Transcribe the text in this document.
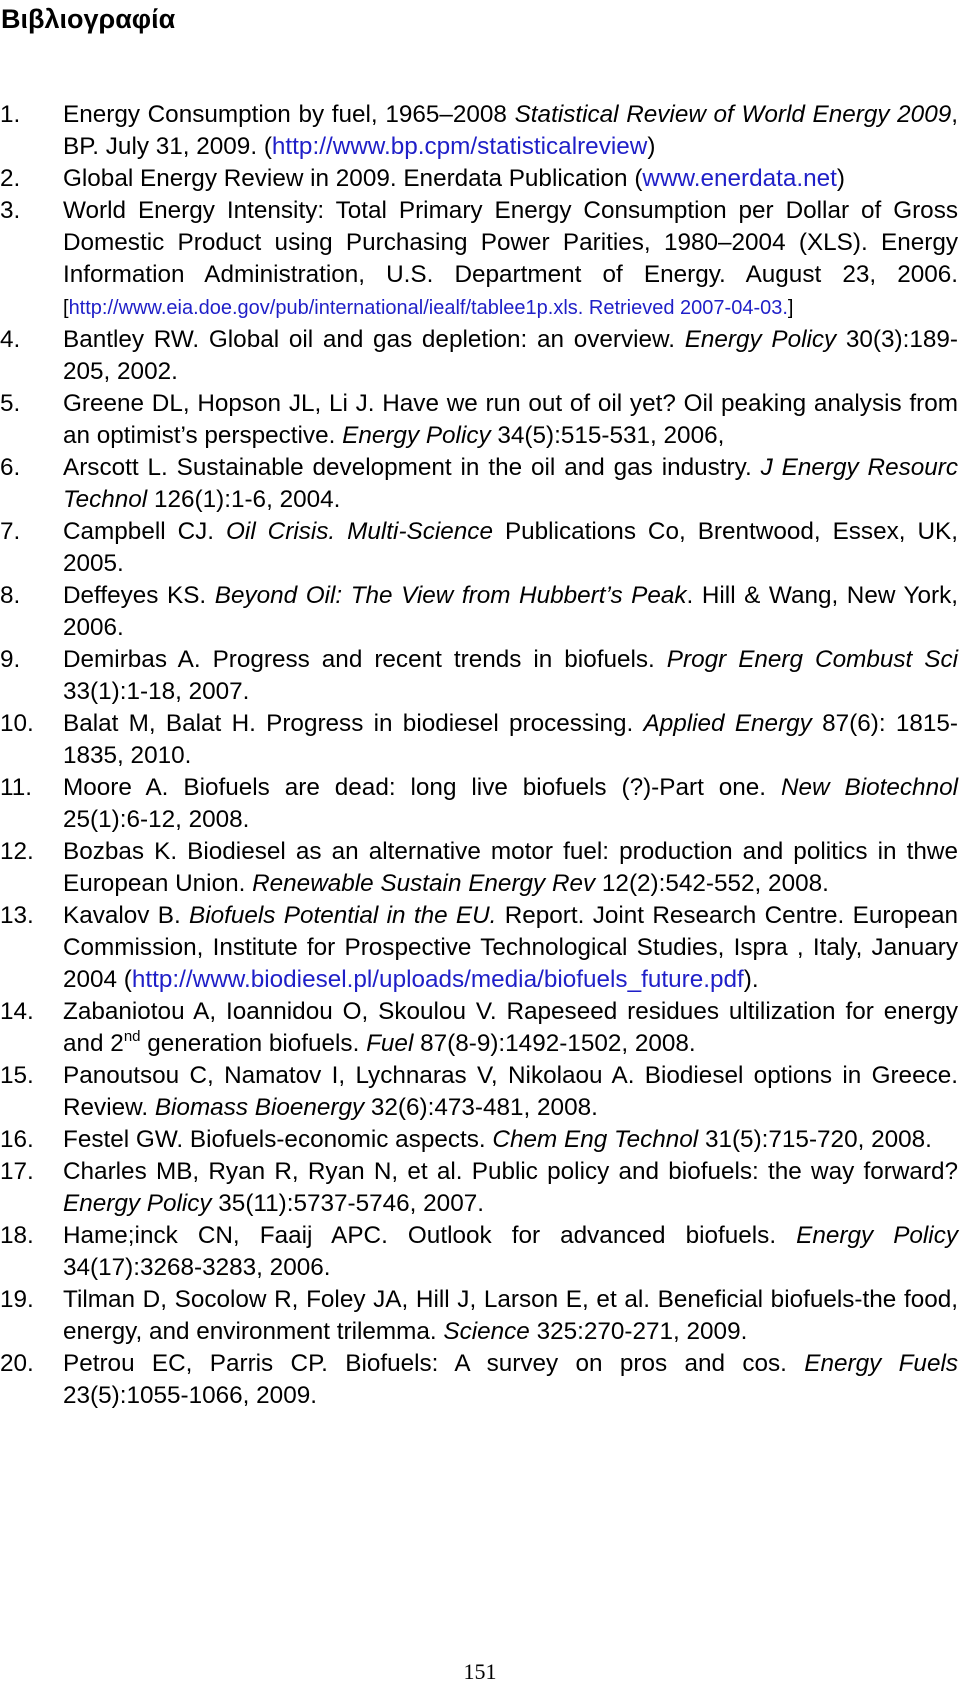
Βιβλιογραφία
1.	Energy Consumption by fuel, 1965–2008 Statistical Review of World Energy 2009, BP. July 31, 2009. (http://www.bp.cpm/statisticalreview)
2.	Global Energy Review in 2009. Enerdata Publication (www.enerdata.net)
3.	World Energy Intensity: Total Primary Energy Consumption per Dollar of Gross Domestic Product using Purchasing Power Parities, 1980–2004 (XLS). Energy Information Administration, U.S. Department of Energy. August 23, 2006. [http://www.eia.doe.gov/pub/international/iealf/tablee1p.xls. Retrieved 2007-04-03.]
4.	Bantley RW. Global oil and gas depletion: an overview. Energy Policy 30(3):189-205, 2002.
5.	Greene DL, Hopson JL, Li J. Have we run out of oil yet? Oil peaking analysis from an optimist’s perspective. Energy Policy 34(5):515-531, 2006,
6.	Arscott L. Sustainable development in the oil and gas industry. J Energy Resourc Technol 126(1):1-6, 2004.
7.	Campbell CJ. Oil Crisis. Multi-Science Publications Co, Brentwood, Essex, UK, 2005.
8.	Deffeyes KS. Beyond Oil: The View from Hubbert’s Peak. Hill & Wang, New York, 2006.
9.	Demirbas A. Progress and recent trends in biofuels. Progr Energ Combust Sci 33(1):1-18, 2007.
10.	Balat M, Balat H. Progress in biodiesel processing. Applied Energy 87(6): 1815-1835, 2010.
11.	Moore A. Biofuels are dead: long live biofuels (?)-Part one. New Biotechnol 25(1):6-12, 2008.
12.	Bozbas K. Biodiesel as an alternative motor fuel: production and politics in thwe European Union. Renewable Sustain Energy Rev 12(2):542-552, 2008.
13.	Kavalov B. Biofuels Potential in the EU. Report. Joint Research Centre. European Commission, Institute for Prospective Technological Studies, Ispra , Italy, January 2004 (http://www.biodiesel.pl/uploads/media/biofuels_future.pdf).
14.	Zabaniotou A, Ioannidou O, Skoulou V. Rapeseed residues ultilization for energy and 2nd generation biofuels. Fuel 87(8-9):1492-1502, 2008.
15.	Panoutsou C, Namatov I, Lychnaras V, Nikolaou A. Biodiesel options in Greece. Review. Biomass Bioenergy 32(6):473-481, 2008.
16.	Festel GW. Biofuels-economic aspects. Chem Eng Technol 31(5):715-720, 2008.
17.	Charles MB, Ryan R, Ryan N, et al. Public policy and biofuels: the way forward? Energy Policy 35(11):5737-5746, 2007.
18.	Hame;inck CN, Faaij APC. Outlook for advanced biofuels. Energy Policy 34(17):3268-3283, 2006.
19.	Tilman D, Socolow R, Foley JA, Hill J, Larson E, et al. Beneficial biofuels-the food, energy, and environment trilemma. Science 325:270-271, 2009.
20.	Petrou EC, Parris CP. Biofuels: A survey on pros and cos. Energy Fuels 23(5):1055-1066, 2009.
151
